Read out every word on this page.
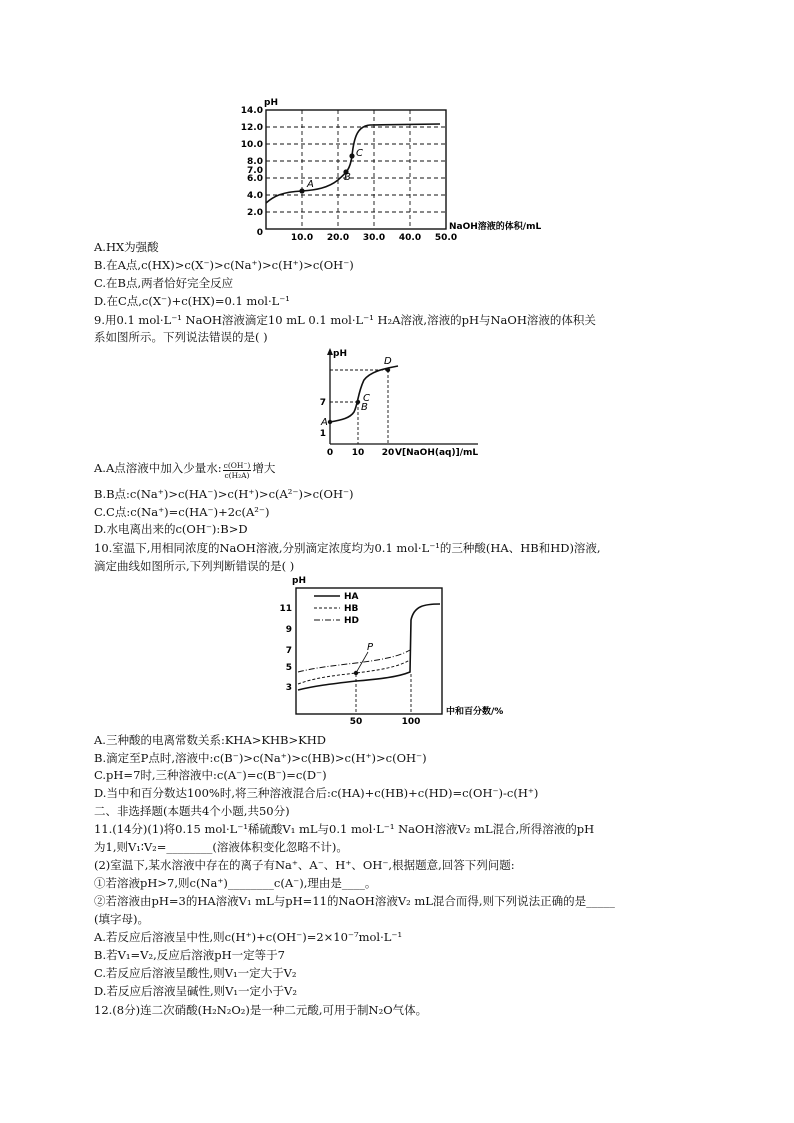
A
B
C
pH
NaOH溶液的体积/mL
14.0
12.0
10.0
8.0
7.0
6.0
4.0
2.0
0	10.0 20.0 30.0 40.0 50.0
A.HX为强酸
B.在A点,c(HX)>c(X⁻)>c(Na⁺)>c(H⁺)>c(OH⁻)
C.在B点,两者恰好完全反应
D.在C点,c(X⁻)+c(HX)=0.1 mol·L⁻¹
9.用0.1 mol·L⁻¹ NaOH溶液滴定10 mL 0.1 mol·L⁻¹ H₂A溶液,溶液的pH与NaOH溶液的体积关
系如图所示。下列说法错误的是( )
A
B
C
D
pH
7
1
0 10 20 V[NaOH(aq)]/mL
A.A点溶液中加入少量水: $\frac{c(OH^-)}{\text{c(H₂A)}}$ 增大
B.B点:c(Na⁺)>c(HA⁻)>c(H⁺)>c(A²⁻)>c(OH⁻)
C.C点:c(Na⁺)=c(HA⁻)+2c(A²⁻)
D.水电离出来的c(OH⁻):B>D
10.室温下,用相同浓度的NaOH溶液,分别滴定浓度均为0.1 mol·L⁻¹的三种酸(HA、HB和HD)溶液,
滴定曲线如图所示,下列判断错误的是( )
P
HA
HB
HD
pH
11
9
7
5
3
50	100
中和百分数/%
A.三种酸的电离常数关系:KHA>KHB>KHD
B.滴定至P点时,溶液中:c(B⁻)>c(Na⁺)>c(HB)>c(H⁺)>c(OH⁻)
C.pH=7时,三种溶液中:c(A⁻)=c(B⁻)=c(D⁻)
D.当中和百分数达100%时,将三种溶液混合后:c(HA)+c(HB)+c(HD)=c(OH⁻)-c(H⁺)
二、非选择题(本题共4个小题,共50分)
11.(14分)(1)将0.15 mol·L⁻¹稀硫酸V₁ mL与0.1 mol·L⁻¹ NaOH溶液V₂ mL混合,所得溶液的pH
为1,则V₁∶V₂=________(溶液体积变化忽略不计)。
(2)室温下,某水溶液中存在的离子有Na⁺、A⁻、H⁺、OH⁻,根据题意,回答下列问题:
①若溶液pH>7,则c(Na⁺)________c(A⁻),理由是____。
②若溶液由pH=3的HA溶液V₁ mL与pH=11的NaOH溶液V₂ mL混合而得,则下列说法正确的是_____
(填字母)。
A.若反应后溶液呈中性,则c(H⁺)+c(OH⁻)=2×10⁻⁷mol·L⁻¹
B.若V₁=V₂,反应后溶液pH一定等于7
C.若反应后溶液呈酸性,则V₁一定大于V₂
D.若反应后溶液呈碱性,则V₁一定小于V₂
12.(8分)连二次硝酸(H₂N₂O₂)是一种二元酸,可用于制N₂O气体。
